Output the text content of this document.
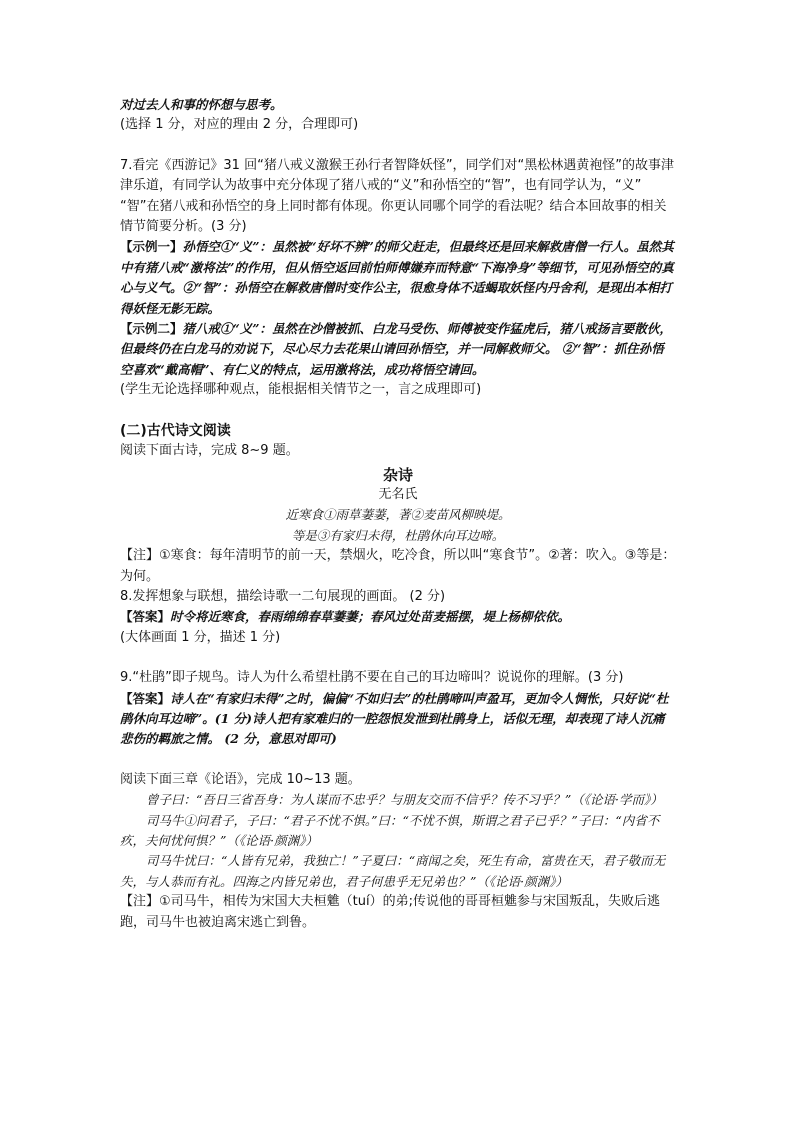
对过去人和事的怀想与思考。

(选择 1 分，对应的理由 2 分，合理即可)

7.看完《西游记》31 回“猪八戒义激猴王孙行者智降妖怪”，同学们对“黑松林遇黄袍怪”的故事津津乐道，有同学认为故事中充分体现了猪八戒的“义”和孙悟空的“智”，也有同学认为，“义” “智”在猪八戒和孙悟空的身上同时都有体现。你更认同哪个同学的看法呢？结合本回故事的相关情节简要分析。(3 分)

【示例一】孙悟空①“义”：虽然被“好坏不辨”的师父赶走，但最终还是回来解救唐僧一行人。虽然其中有猪八戒“激将法”的作用，但从悟空返回前怕师傅嫌弃而特意“下海净身”等细节，可见孙悟空的真心与义气。②“智”：孙悟空在解救唐僧时变作公主，很愈身体不适蝎取妖怪内丹舍利，是现出本相打得妖怪无影无踪。

【示例二】猪八戒①“义”：虽然在沙僧被抓、白龙马受伤、师傅被变作猛虎后，猪八戒扬言要散伙，但最终仍在白龙马的劝说下，尽心尽力去花果山请回孙悟空，并一同解救师父。 ②“智”：抓住孙悟空喜欢“戴高帽”、有仁义的特点，运用激将法，成功将悟空请回。

(学生无论选择哪种观点，能根据相关情节之一，言之成理即可)

(二)古代诗文阅读

阅读下面古诗，完成 8~9 题。

杂诗

无名氏

近寒食①雨草萋萋，著②麦苗风柳映堤。

等是③有家归未得，杜鹃休向耳边啼。

【注】①寒食：每年清明节的前一天，禁烟火，吃冷食，所以叫“寒食节”。②著：吹入。③等是：为何。

8.发挥想象与联想，描绘诗歌一二句展现的画面。 (2 分)

【答案】时令将近寒食，春雨绵绵春草萋萋；春风过处苗麦摇摆，堤上杨柳依依。

(大体画面 1 分，描述 1 分)

9.“杜鹃”即子规鸟。诗人为什么希望杜鹃不要在自己的耳边啼叫？说说你的理解。(3 分)

【答案】诗人在“有家归未得”之时，偏偏“不如归去”的杜鹃啼叫声盈耳，更加令人惆怅，只好说“杜鹃休向耳边啼”。(1 分)诗人把有家难归的一腔怨恨发泄到杜鹃身上，话似无理，却表现了诗人沉痛悲伤的羁旅之情。 (2 分，意思对即可)

阅读下面三章《论语》，完成 10~13 题。

曾子曰：“吾日三省吾身：为人谋而不忠乎？与朋友交而不信乎？传不习乎？”（《论语·学而》）

司马牛①问君子，子曰：“君子不忧不惧。”曰：“不忧不惧，斯谓之君子已乎？”子曰：“内省不疚，夫何忧何惧？”（《论语·颜渊》）

司马牛忧曰：“人皆有兄弟，我独亡！”子夏曰：“商闻之矣，死生有命，富贵在天，君子敬而无失，与人恭而有礼。四海之内皆兄弟也，君子何患乎无兄弟也？”（《论语·颜渊》）

【注】①司马牛，相传为宋国大夫桓魋（tuí）的弟;传说他的哥哥桓魋参与宋国叛乱，失败后逃跑，司马牛也被迫离宋逃亡到鲁。
